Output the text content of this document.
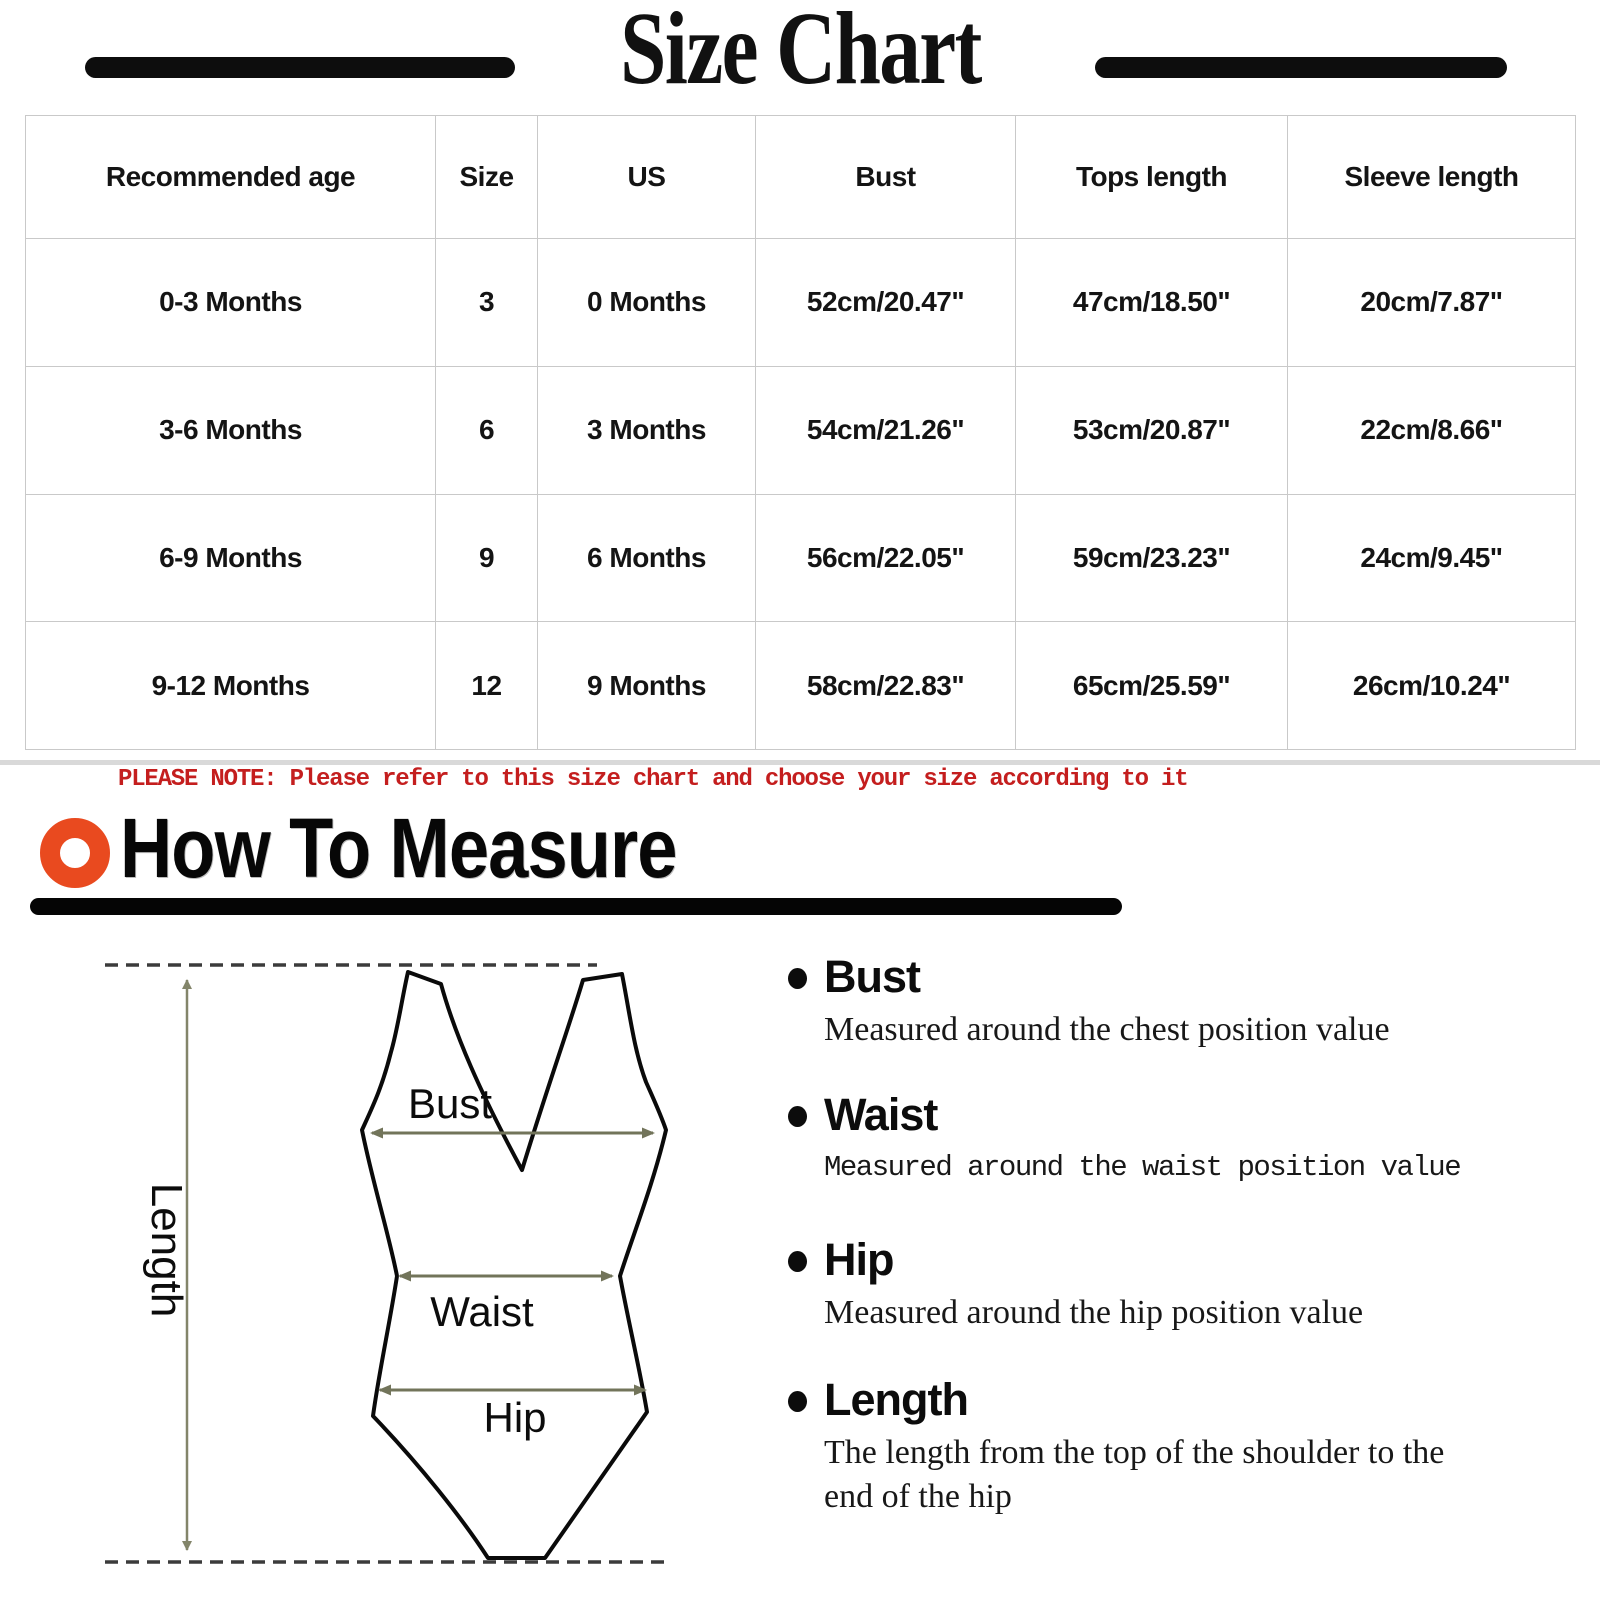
Size Chart
Recommended age	Size	US	Bust	Tops length	Sleeve length
0-3 Months	3	0 Months	52cm/20.47"	47cm/18.50"	20cm/7.87"
3-6 Months	6	3 Months	54cm/21.26"	53cm/20.87"	22cm/8.66"
6-9 Months	9	6 Months	56cm/22.05"	59cm/23.23"	24cm/9.45"
9-12 Months	12	9 Months	58cm/22.83"	65cm/25.59"	26cm/10.24"
PLEASE NOTE: Please refer to this size chart and choose your size according to it
How To Measure
Length
Bust
Waist
Hip
Bust
Measured around the chest position value
Waist
Measured around the waist position value
Hip
Measured around the hip position value
Length
The length from the top of the shoulder to the end of the hip
